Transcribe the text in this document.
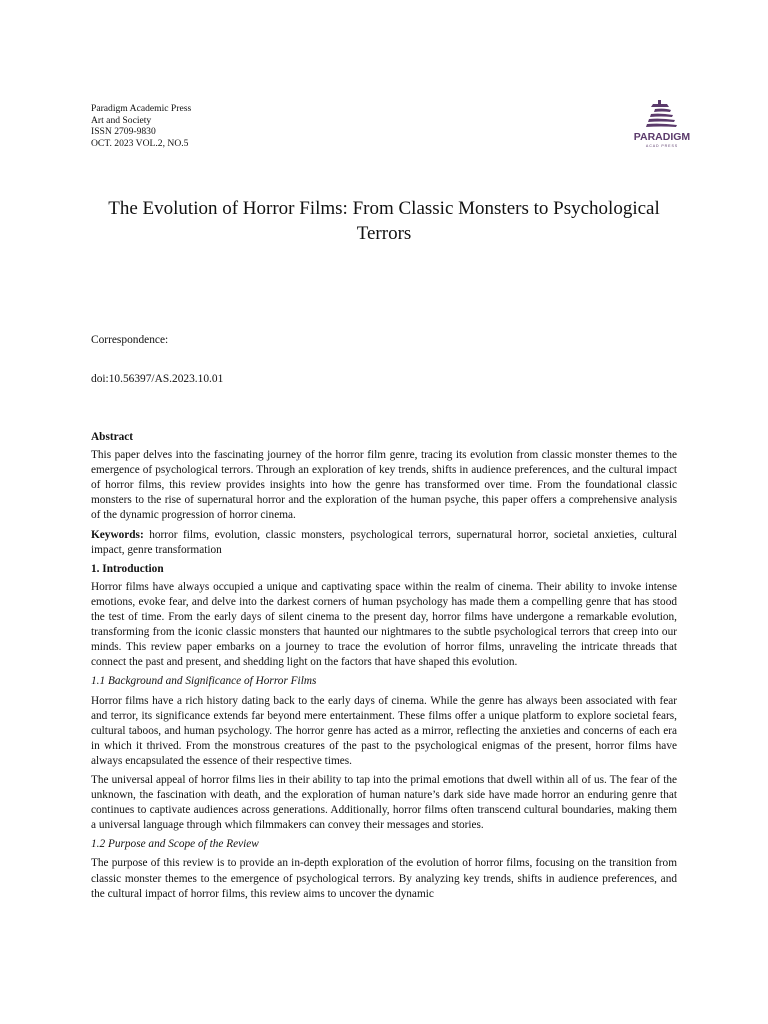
Paradigm Academic Press
Art and Society
ISSN 2709-9830
OCT. 2023 VOL.2, NO.5
PARADIGM
ACAD PRESS
The Evolution of Horror Films: From Classic Monsters to Psychological Terrors
Correspondence:
doi:10.56397/AS.2023.10.01
Abstract
This paper delves into the fascinating journey of the horror film genre, tracing its evolution from classic monster themes to the emergence of psychological terrors. Through an exploration of key trends, shifts in audience preferences, and the cultural impact of horror films, this review provides insights into how the genre has transformed over time. From the foundational classic monsters to the rise of supernatural horror and the exploration of the human psyche, this paper offers a comprehensive analysis of the dynamic progression of horror cinema.
Keywords: horror films, evolution, classic monsters, psychological terrors, supernatural horror, societal anxieties, cultural impact, genre transformation
1. Introduction
Horror films have always occupied a unique and captivating space within the realm of cinema. Their ability to invoke intense emotions, evoke fear, and delve into the darkest corners of human psychology has made them a compelling genre that has stood the test of time. From the early days of silent cinema to the present day, horror films have undergone a remarkable evolution, transforming from the iconic classic monsters that haunted our nightmares to the subtle psychological terrors that creep into our minds. This review paper embarks on a journey to trace the evolution of horror films, unraveling the intricate threads that connect the past and present, and shedding light on the factors that have shaped this evolution.
1.1 Background and Significance of Horror Films
Horror films have a rich history dating back to the early days of cinema. While the genre has always been associated with fear and terror, its significance extends far beyond mere entertainment. These films offer a unique platform to explore societal fears, cultural taboos, and human psychology. The horror genre has acted as a mirror, reflecting the anxieties and concerns of each era in which it thrived. From the monstrous creatures of the past to the psychological enigmas of the present, horror films have always encapsulated the essence of their respective times.
The universal appeal of horror films lies in their ability to tap into the primal emotions that dwell within all of us. The fear of the unknown, the fascination with death, and the exploration of human nature’s dark side have made horror an enduring genre that continues to captivate audiences across generations. Additionally, horror films often transcend cultural boundaries, making them a universal language through which filmmakers can convey their messages and stories.
1.2 Purpose and Scope of the Review
The purpose of this review is to provide an in-depth exploration of the evolution of horror films, focusing on the transition from classic monster themes to the emergence of psychological terrors. By analyzing key trends, shifts in audience preferences, and the cultural impact of horror films, this review aims to uncover the dynamic
